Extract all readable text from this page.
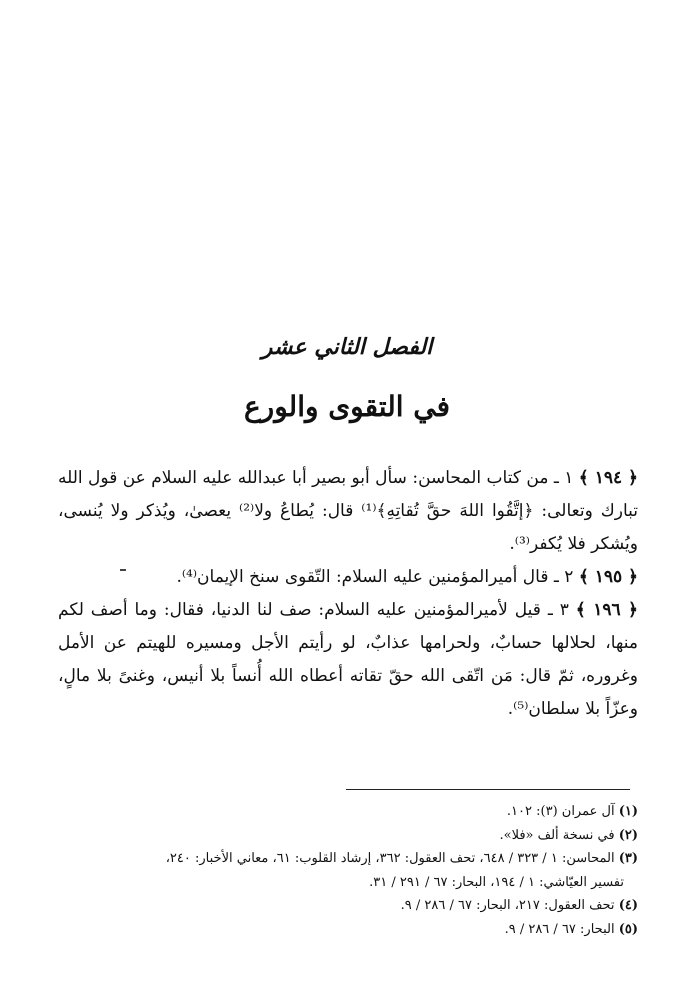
الفصل الثاني عشر
في التقوى والورع

﴿ ١٩٤ ﴾ ١ ـ من كتاب المحاسن: سأل أبو بصير أبا عبدالله عليه السلام عن قول الله تبارك وتعالى: ﴿إتَّقُوا اللهَ حقَّ تُقاتِهِ﴾⁽¹⁾ قال: يُطاعُ ولا⁽²⁾ يعصىٰ، ويُذكر ولا يُنسى، ويُشكر فلا يُكفر⁽³⁾.

﴿ ١٩٥ ﴾ ٢ ـ قال أميرالمؤمنين عليه السلام: التّقوى سنخ الإيمان⁽⁴⁾.

﴿ ١٩٦ ﴾ ٣ ـ قيل لأميرالمؤمنين عليه السلام: صف لنا الدنيا، فقال: وما أصف لكم منها، لحلالها حسابٌ، ولحرامها عذابٌ، لو رأيتم الأجل ومسيره للهيتم عن الأمل وغروره، ثمّ قال: مَن اتّقى الله حقّ تقاته أعطاه الله أُنساً بلا أنيس، وغنىً بلا مالٍ، وعزّاً بلا سلطان⁽⁵⁾.

(١) آل عمران (٣): ١٠٢.
(٢) في نسخة ألف «فلا».
(٣) المحاسن: ١ / ٣٢٣ / ٦٤٨، تحف العقول: ٣٦٢، إرشاد القلوب: ٦١، معاني الأخبار: ٢٤٠،
تفسير العيّاشي: ١ / ١٩٤، البحار: ٦٧ / ٢٩١ / ٣١.
(٤) تحف العقول: ٢١٧، البحار: ٦٧ / ٢٨٦ / ٩.
(٥) البحار: ٦٧ / ٢٨٦ / ٩.
